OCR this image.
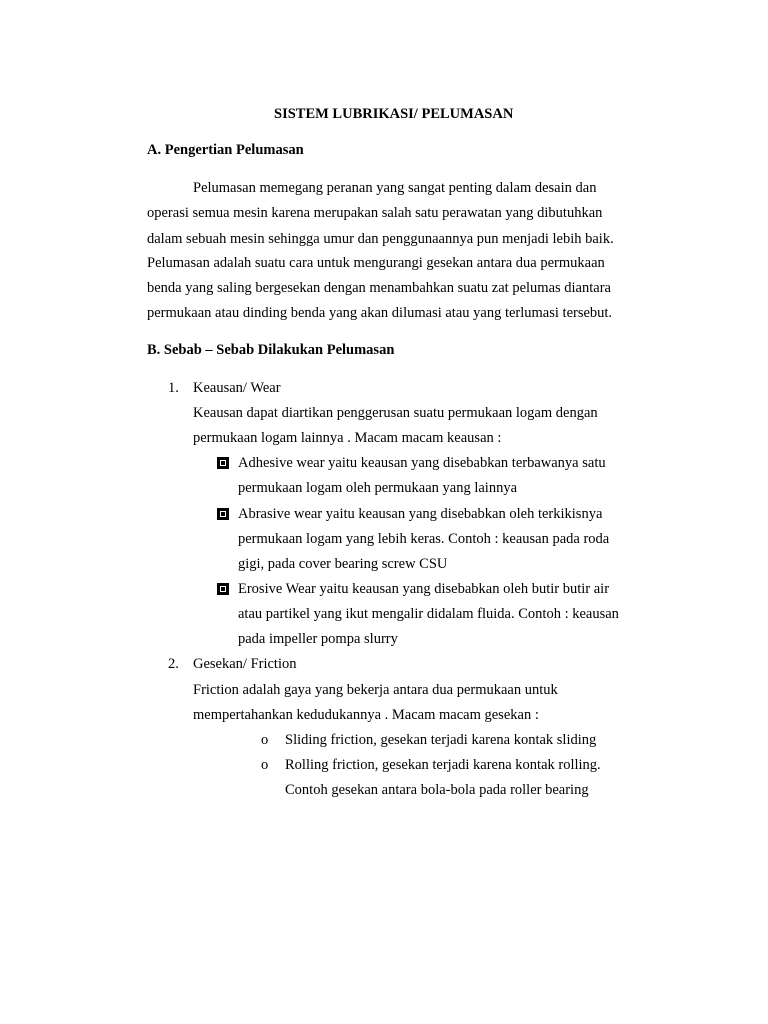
SISTEM LUBRIKASI/ PELUMASAN
A. Pengertian Pelumasan
Pelumasan memegang peranan yang sangat penting dalam desain dan
operasi semua mesin karena merupakan salah satu perawatan yang dibutuhkan
dalam sebuah mesin sehingga umur dan penggunaannya pun menjadi lebih baik.
Pelumasan adalah suatu cara untuk mengurangi gesekan antara dua permukaan
benda yang saling bergesekan dengan menambahkan suatu zat pelumas diantara
permukaan atau dinding benda yang akan dilumasi atau yang terlumasi tersebut.
B. Sebab – Sebab Dilakukan Pelumasan
1. Keausan/ Wear
Keausan dapat diartikan penggerusan suatu permukaan logam dengan
permukaan logam lainnya . Macam macam keausan :
Adhesive wear yaitu keausan yang disebabkan terbawanya satu
permukaan logam oleh permukaan yang lainnya
Abrasive wear yaitu keausan yang disebabkan oleh terkikisnya
permukaan logam yang lebih keras. Contoh : keausan pada roda
gigi, pada cover bearing screw CSU
Erosive Wear yaitu keausan yang disebabkan oleh butir butir air
atau partikel yang ikut mengalir didalam fluida. Contoh : keausan
pada impeller pompa slurry
2. Gesekan/ Friction
Friction adalah gaya yang bekerja antara dua permukaan untuk
mempertahankan kedudukannya . Macam macam gesekan :
o Sliding friction, gesekan terjadi karena kontak sliding
o Rolling friction, gesekan terjadi karena kontak rolling.
Contoh gesekan antara bola-bola pada roller bearing
